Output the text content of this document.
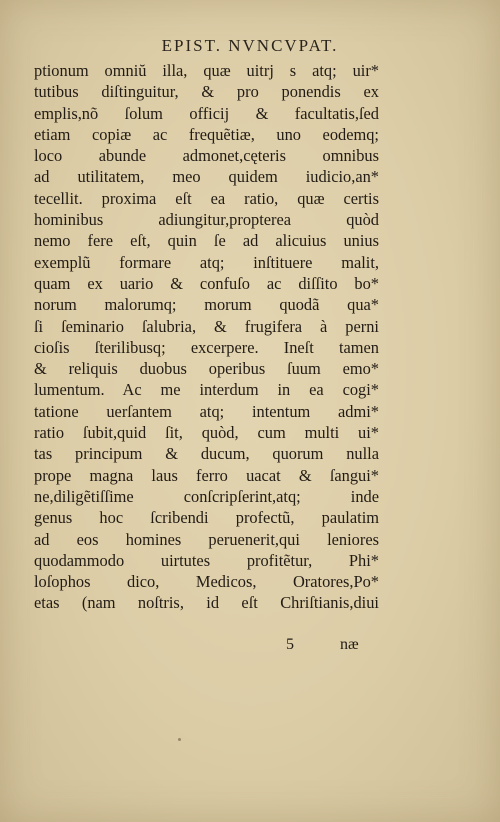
EPIST. NVNCVPAT.
ptionum omniŭ illa, quæ uitrj s atq; uir*
tutibus diſtinguitur, & pro ponendis ex
emplis,nõ ſolum officij & facultatis,ſed
etiam copiæ ac frequẽtiæ, uno eodemq;
loco abunde admonet,cęteris omnibus
ad utilitatem, meo quidem iudicio,an*
tecellit. proxima eſt ea ratio, quæ certis
hominibus adiungitur,propterea quòd
nemo fere eſt, quin ſe ad alicuius unius
exemplũ formare atq; inſtituere malit,
quam ex uario & confuſo ac diſſito bo*
norum malorumq; morum quodã qua*
ſi ſeminario ſalubria, & frugifera à perni
cioſis ſterilibusq; excerpere. Ineſt tamen
& reliquis duobus operibus ſuum emo*
lumentum. Ac me interdum in ea cogi*
tatione uerſantem atq; intentum admi*
ratio ſubit,quid ſit, quòd, cum multi ui*
tas principum & ducum, quorum nulla
prope magna laus ferro uacat & ſangui*
ne,diligẽtiſſime conſcripſerint,atq; inde
genus hoc ſcribendi profectũ, paulatim
ad eos homines peruenerit,qui leniores
quodammodo uirtutes profitẽtur, Phi*
loſophos dico, Medicos, Oratores,Po*
etas (nam noſtris, id eſt Chriſtianis,diui
5	næ
